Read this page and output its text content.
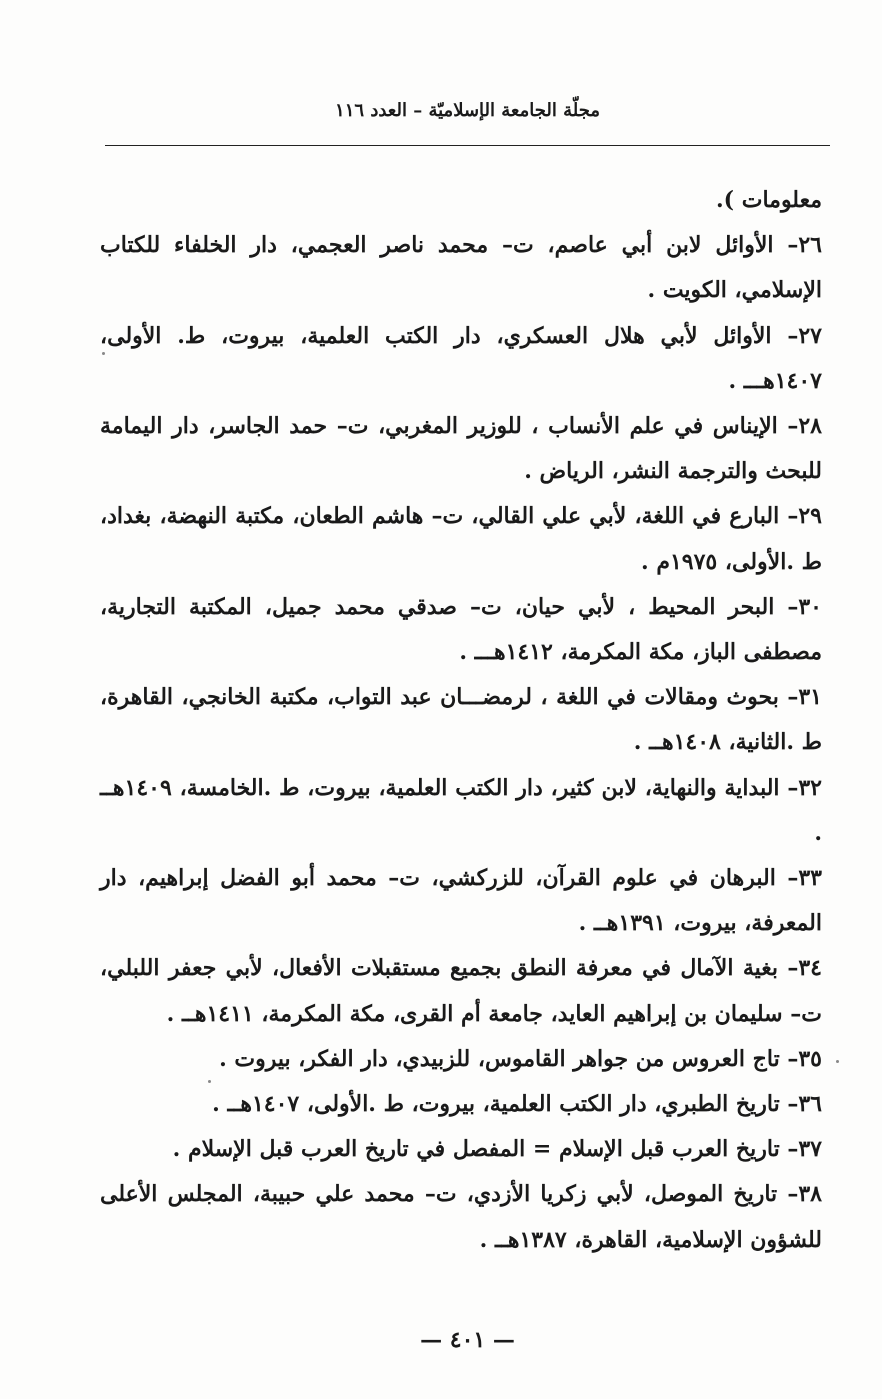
مجلّة الجامعة الإسلاميّة – العدد ١١٦

معلومات ).

٢٦– الأوائل لابن أبي عاصم، ت– محمد ناصر العجمي، دار الخلفاء للكتاب الإسلامي، الكويت .

٢٧– الأوائل لأبي هلال العسكري، دار الكتب العلمية، بيروت، ط. الأولى، ١٤٠٧هـــ .

٢٨– الإيناس في علم الأنساب ، للوزير المغربي، ت– حمد الجاسر، دار اليمامة للبحث والترجمة النشر، الرياض .

٢٩– البارع في اللغة، لأبي علي القالي، ت– هاشم الطعان، مكتبة النهضة، بغداد، ط .الأولى، ١٩٧٥م .

٣٠– البحر المحيط ، لأبي حيان، ت– صدقي محمد جميل، المكتبة التجارية، مصطفى الباز، مكة المكرمة، ١٤١٢هـــ .

٣١– بحوث ومقالات في اللغة ، لرمضـــان عبد التواب، مكتبة الخانجي، القاهرة، ط .الثانية، ١٤٠٨هــ .

٣٢– البداية والنهاية، لابن كثير، دار الكتب العلمية، بيروت، ط .الخامسة، ١٤٠٩هــ .

٣٣– البرهان في علوم القرآن، للزركشي، ت– محمد أبو الفضل إبراهيم، دار المعرفة، بيروت، ١٣٩١هــ .

٣٤– بغية الآمال في معرفة النطق بجميع مستقبلات الأفعال، لأبي جعفر اللبلي، ت– سليمان بن إبراهيم العايد، جامعة أم القرى، مكة المكرمة، ١٤١١هــ .

٣٥– تاج العروس من جواهر القاموس، للزبيدي، دار الفكر، بيروت .

٣٦– تاريخ الطبري، دار الكتب العلمية، بيروت، ط .الأولى، ١٤٠٧هــ .

٣٧– تاريخ العرب قبل الإسلام = المفصل في تاريخ العرب قبل الإسلام .

٣٨– تاريخ الموصل، لأبي زكريا الأزدي، ت– محمد علي حبيبة، المجلس الأعلى للشؤون الإسلامية، القاهرة، ١٣٨٧هــ .

— ٤٠١ —
